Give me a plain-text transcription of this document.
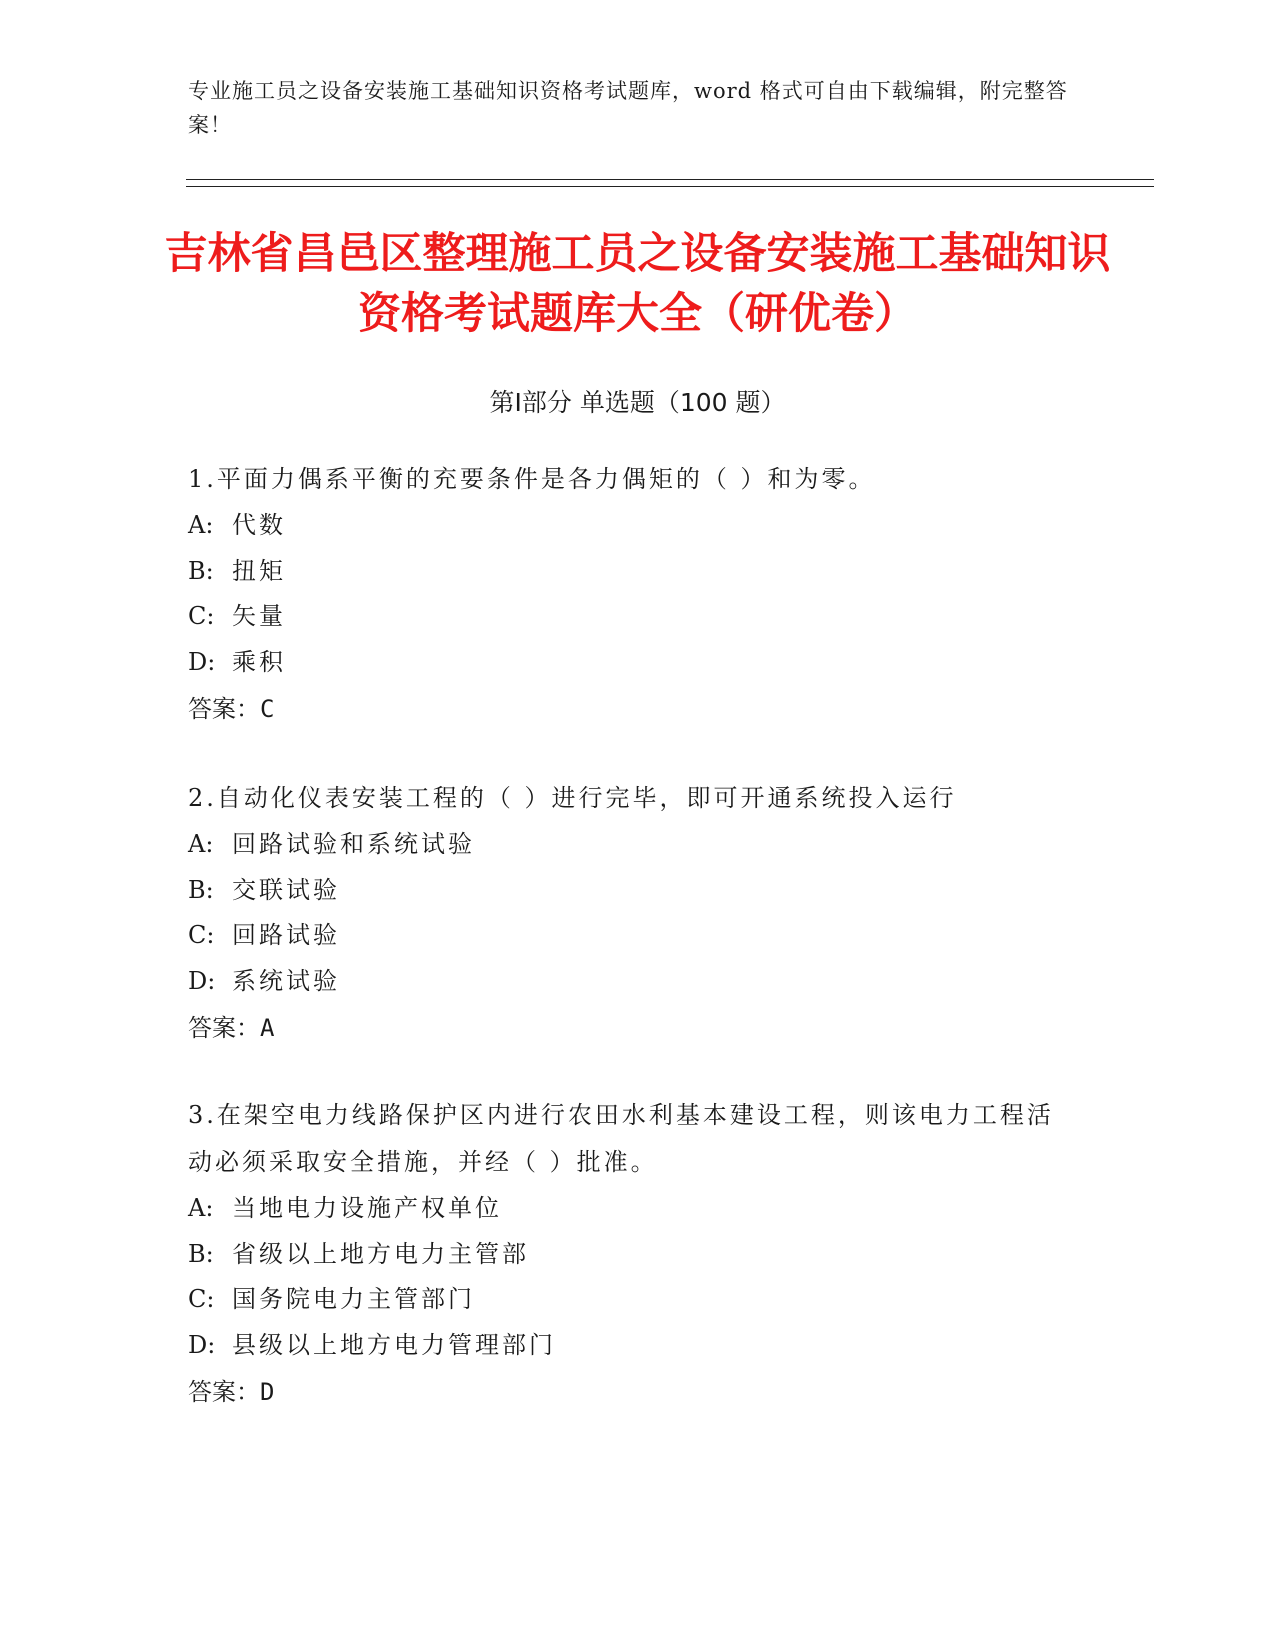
专业施工员之设备安装施工基础知识资格考试题库，word 格式可自由下载编辑，附完整答案！
吉林省昌邑区整理施工员之设备安装施工基础知识资格考试题库大全（研优卷）
第Ⅰ部分 单选题（100 题）
1.平面力偶系平衡的充要条件是各力偶矩的（ ）和为零。
A: 代数
B: 扭矩
C: 矢量
D: 乘积
答案：C
2.自动化仪表安装工程的（ ）进行完毕，即可开通系统投入运行
A: 回路试验和系统试验
B: 交联试验
C: 回路试验
D: 系统试验
答案：A
3.在架空电力线路保护区内进行农田水利基本建设工程，则该电力工程活动必须采取安全措施，并经（ ）批准。
A: 当地电力设施产权单位
B: 省级以上地方电力主管部
C: 国务院电力主管部门
D: 县级以上地方电力管理部门
答案：D
